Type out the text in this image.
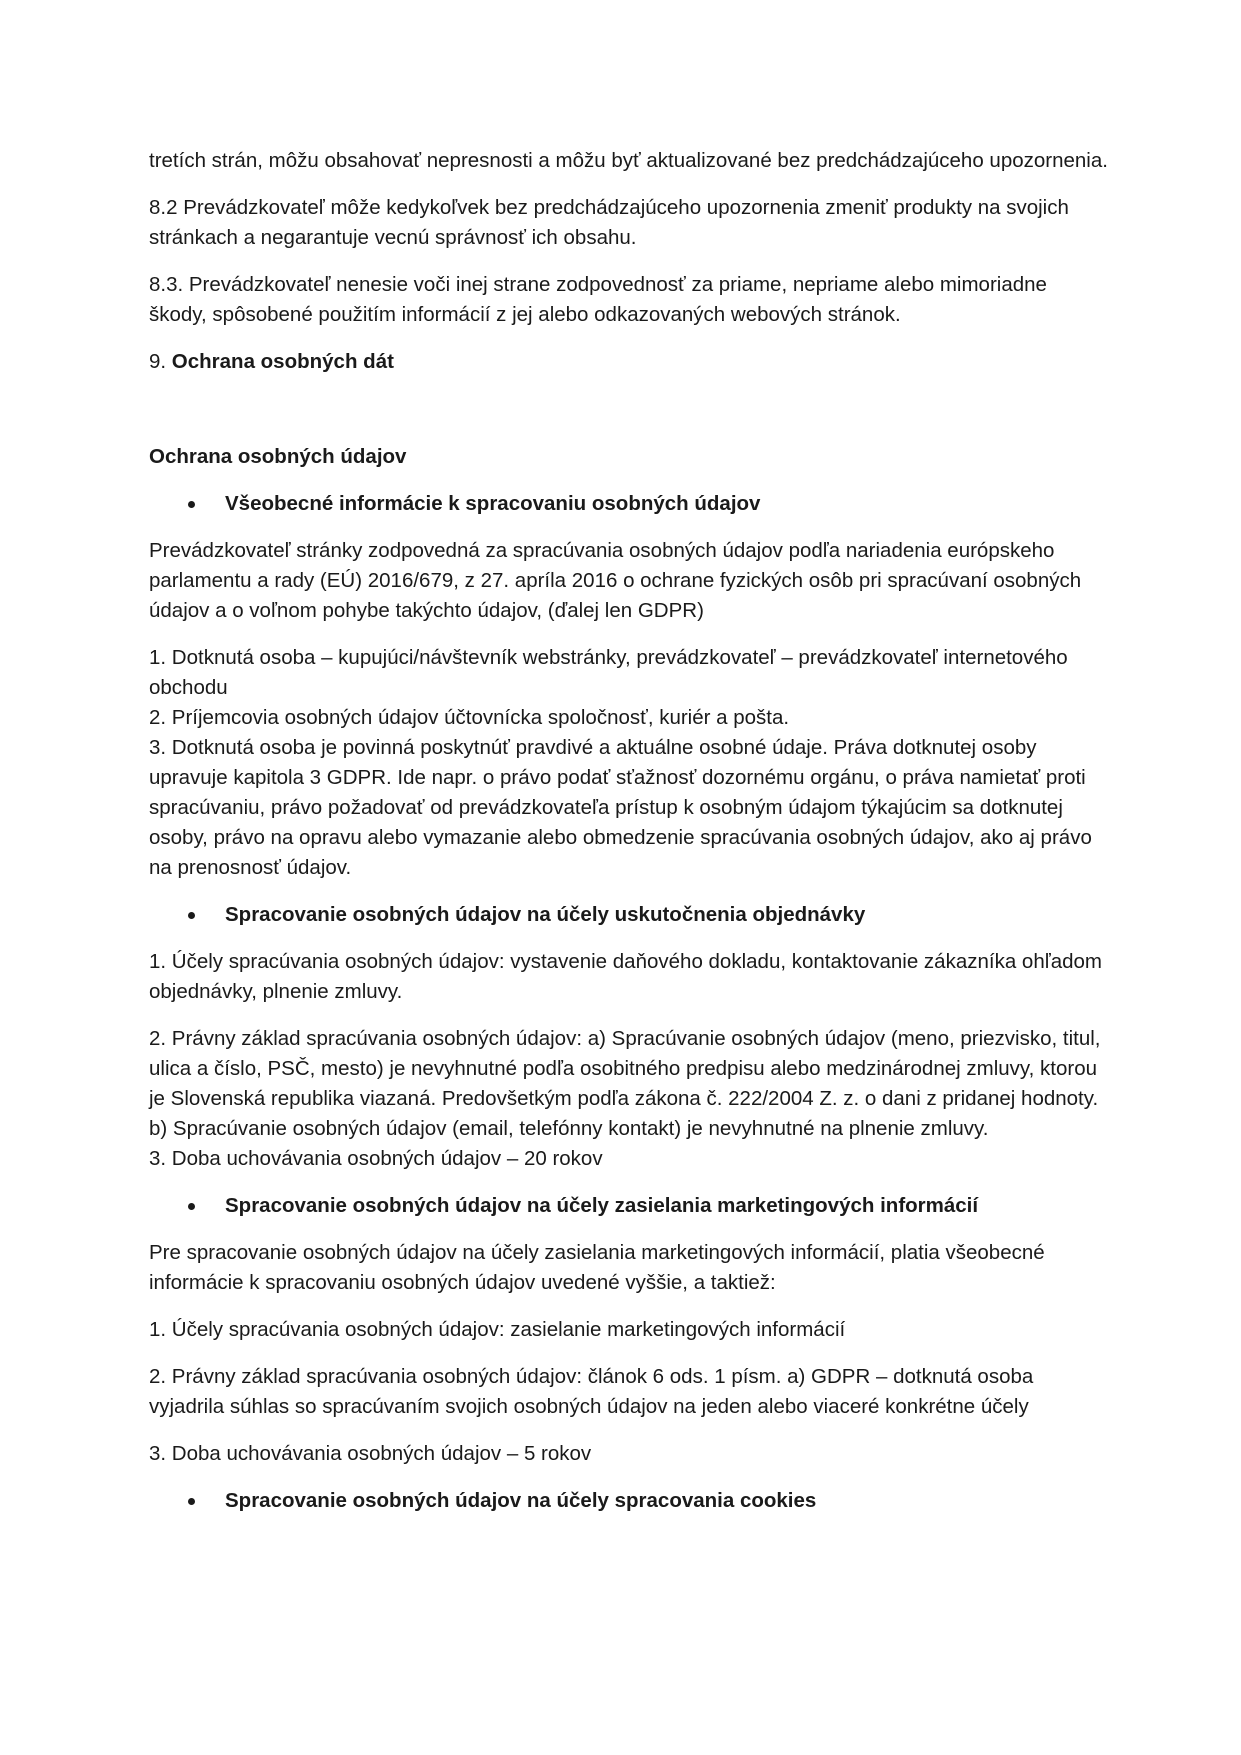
tretích strán, môžu obsahovať nepresnosti a môžu byť aktualizované bez predchádzajúceho upozornenia.

8.2 Prevádzkovateľ môže kedykoľvek bez predchádzajúceho upozornenia zmeniť produkty na svojich stránkach a negarantuje vecnú správnosť ich obsahu.

8.3. Prevádzkovateľ nenesie voči inej strane zodpovednosť za priame, nepriame alebo mimoriadne škody, spôsobené použitím informácií z jej alebo odkazovaných webových stránok.

9. Ochrana osobných dát

Ochrana osobných údajov

Všeobecné informácie k spracovaniu osobných údajov

Prevádzkovateľ stránky zodpovedná za spracúvania osobných údajov podľa nariadenia európskeho parlamentu a rady (EÚ) 2016/679, z 27. apríla 2016 o ochrane fyzických osôb pri spracúvaní osobných údajov a o voľnom pohybe takýchto údajov, (ďalej len GDPR)

1. Dotknutá osoba – kupujúci/návštevník webstránky, prevádzkovateľ – prevádzkovateľ internetového obchodu

2. Príjemcovia osobných údajov účtovnícka spoločnosť, kuriér a pošta.

3. Dotknutá osoba je povinná poskytnúť pravdivé a aktuálne osobné údaje. Práva dotknutej osoby upravuje kapitola 3 GDPR. Ide napr. o právo podať sťažnosť dozornému orgánu, o práva namietať proti spracúvaniu, právo požadovať od prevádzkovateľa prístup k osobným údajom týkajúcim sa dotknutej osoby, právo na opravu alebo vymazanie alebo obmedzenie spracúvania osobných údajov, ako aj právo na prenosnosť údajov.

Spracovanie osobných údajov na účely uskutočnenia objednávky

1. Účely spracúvania osobných údajov: vystavenie daňového dokladu, kontaktovanie zákazníka ohľadom objednávky, plnenie zmluvy.

2. Právny základ spracúvania osobných údajov: a) Spracúvanie osobných údajov (meno, priezvisko, titul, ulica a číslo, PSČ, mesto) je nevyhnutné podľa osobitného predpisu alebo medzinárodnej zmluvy, ktorou je Slovenská republika viazaná. Predovšetkým podľa zákona č. 222/2004 Z. z. o dani z pridanej hodnoty. b) Spracúvanie osobných údajov (email, telefónny kontakt) je nevyhnutné na plnenie zmluvy.

3. Doba uchovávania osobných údajov – 20 rokov

Spracovanie osobných údajov na účely zasielania marketingových informácií

Pre spracovanie osobných údajov na účely zasielania marketingových informácií, platia všeobecné informácie k spracovaniu osobných údajov uvedené vyššie, a taktiež:

1. Účely spracúvania osobných údajov: zasielanie marketingových informácií

2. Právny základ spracúvania osobných údajov: článok 6 ods. 1 písm. a) GDPR – dotknutá osoba vyjadrila súhlas so spracúvaním svojich osobných údajov na jeden alebo viaceré konkrétne účely

3. Doba uchovávania osobných údajov – 5 rokov

Spracovanie osobných údajov na účely spracovania cookies
